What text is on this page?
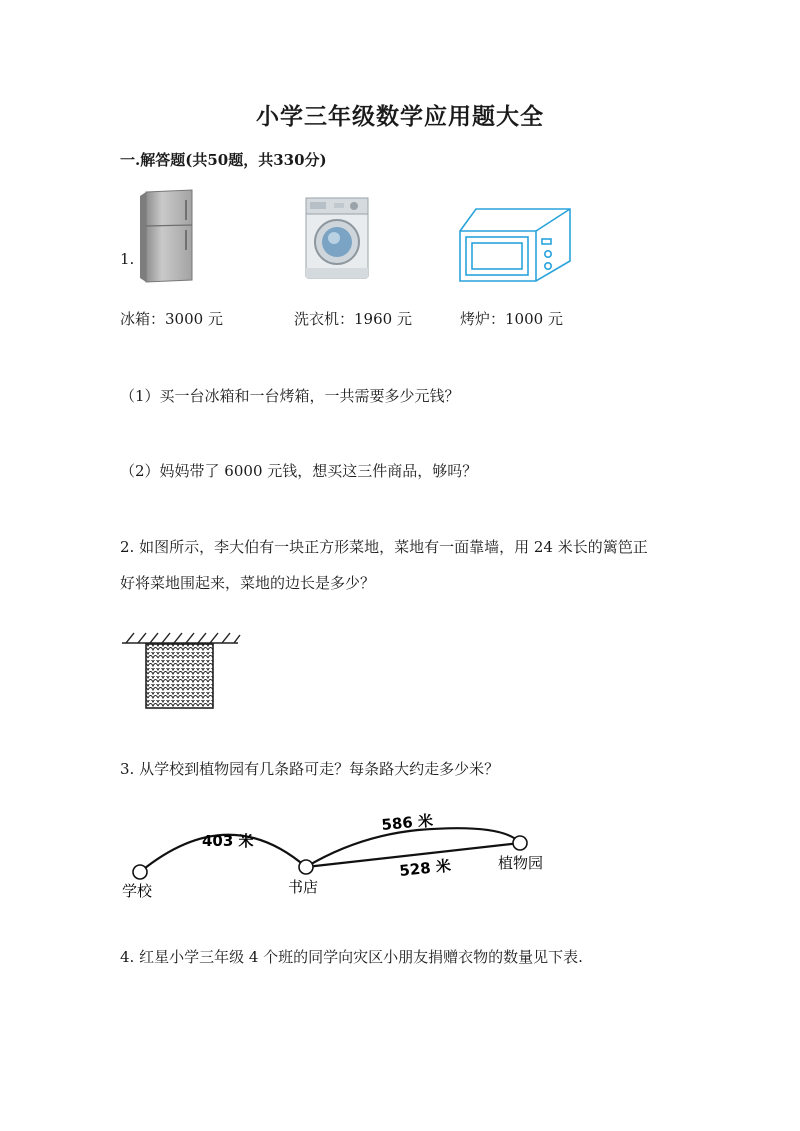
小学三年级数学应用题大全
一.解答题(共50题，共330分)
1.
冰箱：3000 元	洗衣机：1960 元	烤炉：1000 元
（1）买一台冰箱和一台烤箱，一共需要多少元钱？
（2）妈妈带了 6000 元钱，想买这三件商品，够吗？
2. 如图所示，李大伯有一块正方形菜地，菜地有一面靠墙，用 24 米长的篱笆正
好将菜地围起来，菜地的边长是多少？
3. 从学校到植物园有几条路可走？每条路大约走多少米？
403 米
586 米
528 米
学校	书店
植物园
4. 红星小学三年级 4 个班的同学向灾区小朋友捐赠衣物的数量见下表.
